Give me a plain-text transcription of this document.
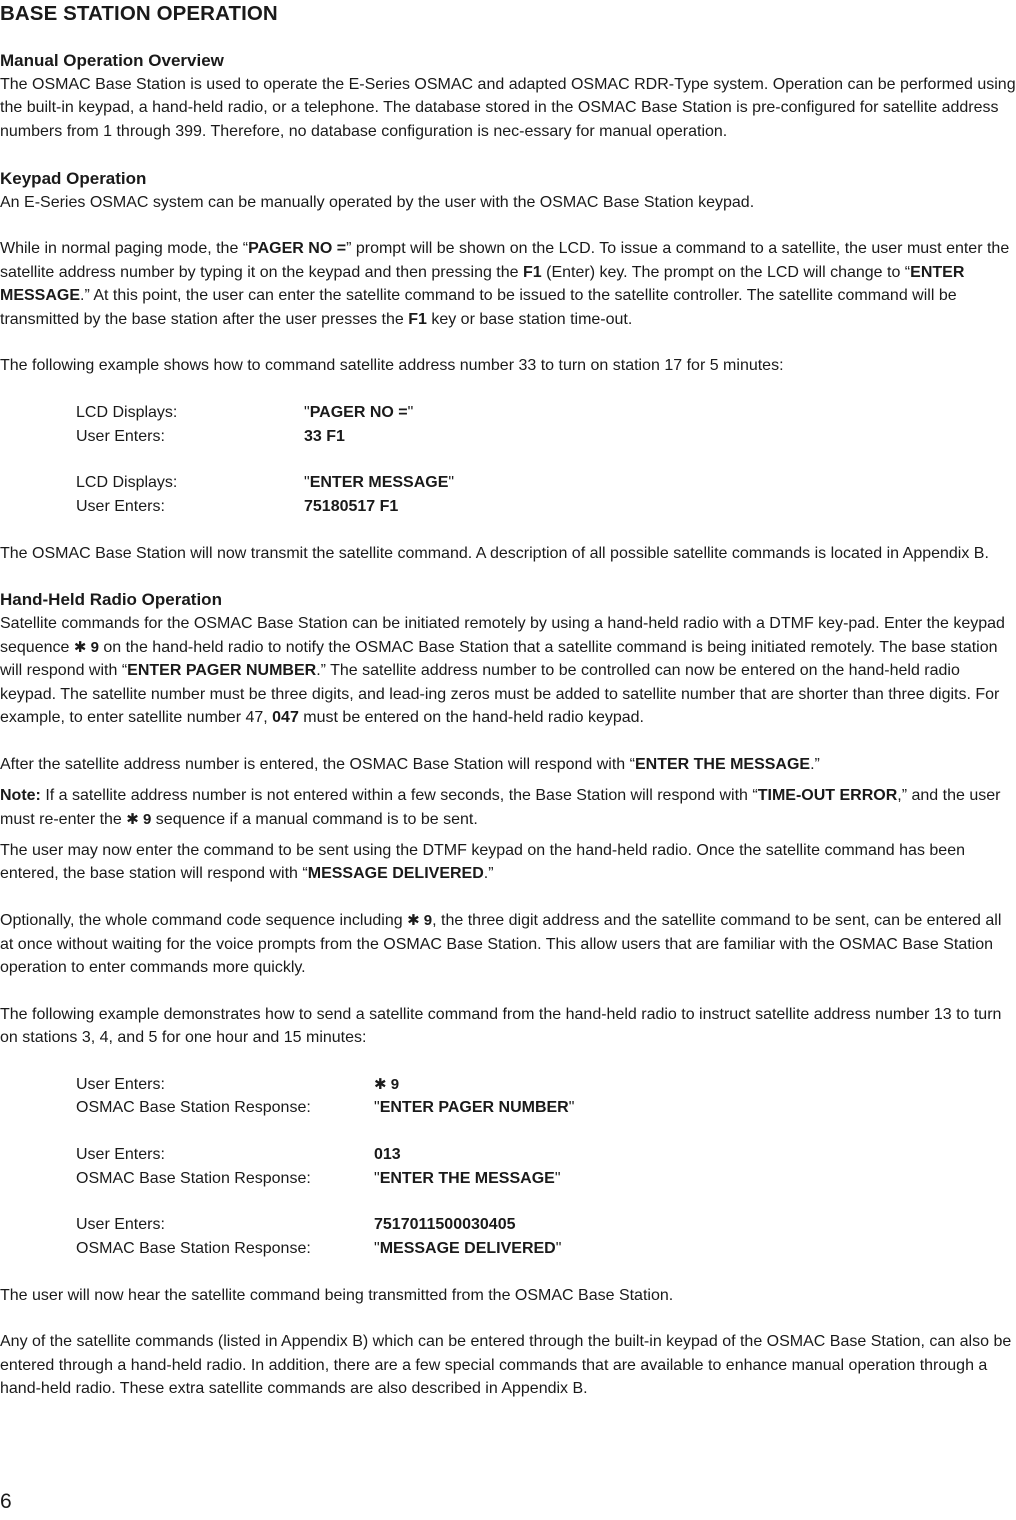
BASE STATION OPERATION
Manual Operation Overview

The OSMAC Base Station is used to operate the E-Series OSMAC and adapted OSMAC RDR-Type system. Operation can be performed using the built-in keypad, a hand-held radio, or a telephone. The database stored in the OSMAC Base Station is pre-configured for satellite address numbers from 1 through 399. Therefore, no database configuration is nec-essary for manual operation.

Keypad Operation

An E-Series OSMAC system can be manually operated by the user with the OSMAC Base Station keypad.

While in normal paging mode, the “PAGER NO =” prompt will be shown on the LCD. To issue a command to a satellite, the user must enter the satellite address number by typing it on the keypad and then pressing the F1 (Enter) key. The prompt on the LCD will change to “ENTER MESSAGE.” At this point, the user can enter the satellite command to be issued to the satellite controller. The satellite command will be transmitted by the base station after the user presses the F1 key or base station time-out.

The following example shows how to command satellite address number 33 to turn on station 17 for 5 minutes:

LCD Displays:	"PAGER NO ="
User Enters:	33 F1
LCD Displays:	"ENTER MESSAGE"
User Enters:	75180517 F1

The OSMAC Base Station will now transmit the satellite command. A description of all possible satellite commands is located in Appendix B.

Hand-Held Radio Operation

Satellite commands for the OSMAC Base Station can be initiated remotely by using a hand-held radio with a DTMF key-pad. Enter the keypad sequence ✱ 9 on the hand-held radio to notify the OSMAC Base Station that a satellite command is being initiated remotely. The base station will respond with “ENTER PAGER NUMBER.” The satellite address number to be controlled can now be entered on the hand-held radio keypad. The satellite number must be three digits, and lead-ing zeros must be added to satellite number that are shorter than three digits. For example, to enter satellite number 47, 047 must be entered on the hand-held radio keypad.

After the satellite address number is entered, the OSMAC Base Station will respond with “ENTER THE MESSAGE.”

Note: If a satellite address number is not entered within a few seconds, the Base Station will respond with “TIME-OUT ERROR,” and the user must re-enter the ✱ 9 sequence if a manual command is to be sent.

The user may now enter the command to be sent using the DTMF keypad on the hand-held radio. Once the satellite command has been entered, the base station will respond with “MESSAGE DELIVERED.”

Optionally, the whole command code sequence including ✱ 9, the three digit address and the satellite command to be sent, can be entered all at once without waiting for the voice prompts from the OSMAC Base Station. This allow users that are familiar with the OSMAC Base Station operation to enter commands more quickly.

The following example demonstrates how to send a satellite command from the hand-held radio to instruct satellite address number 13 to turn on stations 3, 4, and 5 for one hour and 15 minutes:

User Enters:	✱ 9
OSMAC Base Station Response:	"ENTER PAGER NUMBER"
User Enters:	013
OSMAC Base Station Response:	"ENTER THE MESSAGE"
User Enters:	7517011500030405
OSMAC Base Station Response:	"MESSAGE DELIVERED"

The user will now hear the satellite command being transmitted from the OSMAC Base Station.

Any of the satellite commands (listed in Appendix B) which can be entered through the built-in keypad of the OSMAC Base Station, can also be entered through a hand-held radio. In addition, there are a few special commands that are available to enhance manual operation through a hand-held radio. These extra satellite commands are also described in Appendix B.

6
